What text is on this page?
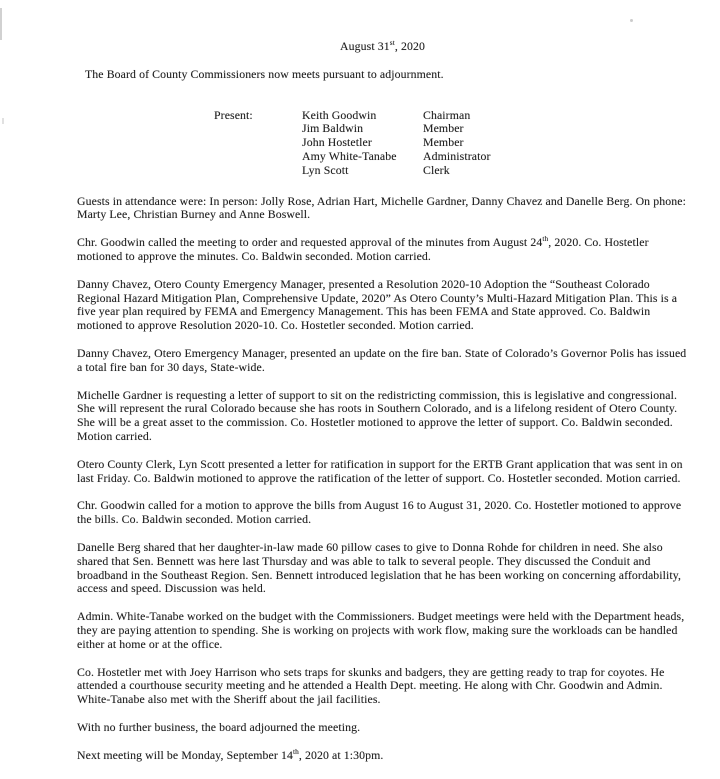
August 31st, 2020

The Board of County Commissioners now meets pursuant to adjournment.

Present:	Keith Goodwin	Chairman
Jim Baldwin	Member
John Hostetler	Member
Amy White-Tanabe	Administrator
Lyn Scott	Clerk

Guests in attendance were: In person: Jolly Rose, Adrian Hart, Michelle Gardner, Danny Chavez and Danelle Berg. On phone: Marty Lee, Christian Burney and Anne Boswell.

Chr. Goodwin called the meeting to order and requested approval of the minutes from August 24th, 2020. Co. Hostetler motioned to approve the minutes. Co. Baldwin seconded. Motion carried.

Danny Chavez, Otero County Emergency Manager, presented a Resolution 2020-10 Adoption the “Southeast Colorado Regional Hazard Mitigation Plan, Comprehensive Update, 2020” As Otero County’s Multi-Hazard Mitigation Plan. This is a five year plan required by FEMA and Emergency Management. This has been FEMA and State approved. Co. Baldwin motioned to approve Resolution 2020-10. Co. Hostetler seconded. Motion carried.

Danny Chavez, Otero Emergency Manager, presented an update on the fire ban. State of Colorado’s Governor Polis has issued a total fire ban for 30 days, State-wide.

Michelle Gardner is requesting a letter of support to sit on the redistricting commission, this is legislative and congressional. She will represent the rural Colorado because she has roots in Southern Colorado, and is a lifelong resident of Otero County. She will be a great asset to the commission. Co. Hostetler motioned to approve the letter of support. Co. Baldwin seconded. Motion carried.

Otero County Clerk, Lyn Scott presented a letter for ratification in support for the ERTB Grant application that was sent in on last Friday. Co. Baldwin motioned to approve the ratification of the letter of support. Co. Hostetler seconded. Motion carried.

Chr. Goodwin called for a motion to approve the bills from August 16 to August 31, 2020. Co. Hostetler motioned to approve the bills. Co. Baldwin seconded. Motion carried.

Danelle Berg shared that her daughter-in-law made 60 pillow cases to give to Donna Rohde for children in need. She also shared that Sen. Bennett was here last Thursday and was able to talk to several people. They discussed the Conduit and broadband in the Southeast Region. Sen. Bennett introduced legislation that he has been working on concerning affordability, access and speed. Discussion was held.

Admin. White-Tanabe worked on the budget with the Commissioners. Budget meetings were held with the Department heads, they are paying attention to spending. She is working on projects with work flow, making sure the workloads can be handled either at home or at the office.

Co. Hostetler met with Joey Harrison who sets traps for skunks and badgers, they are getting ready to trap for coyotes. He attended a courthouse security meeting and he attended a Health Dept. meeting. He along with Chr. Goodwin and Admin. White-Tanabe also met with the Sheriff about the jail facilities.

With no further business, the board adjourned the meeting.

Next meeting will be Monday, September 14th, 2020 at 1:30pm.
